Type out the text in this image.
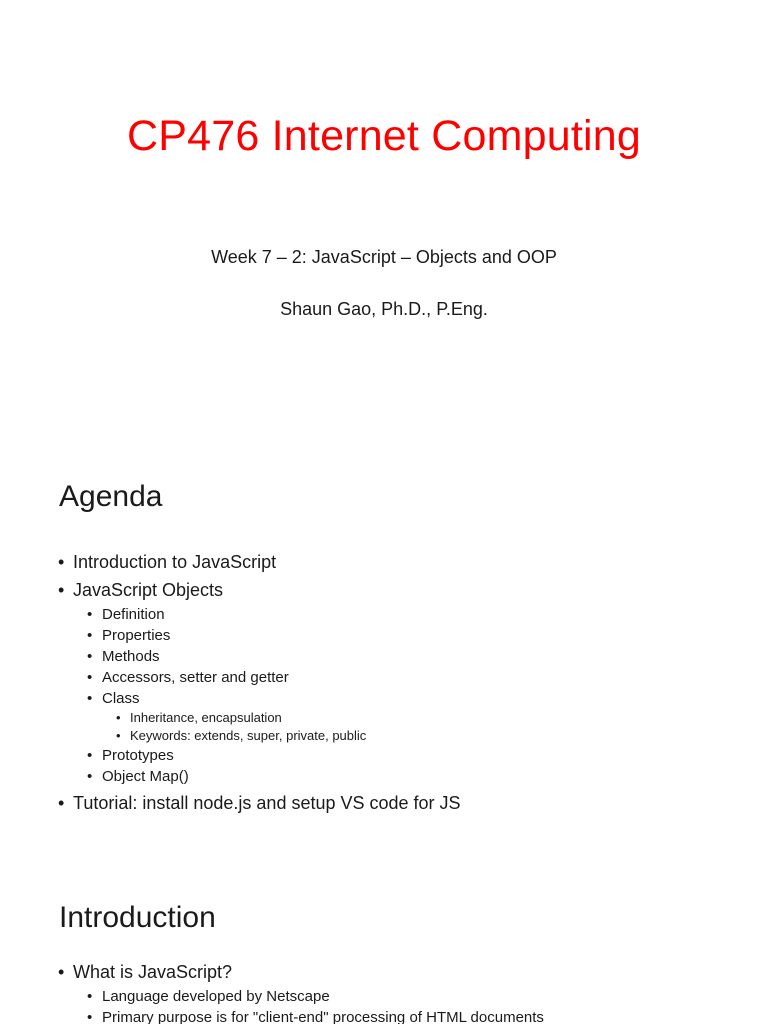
CP476 Internet Computing
Week 7 – 2: JavaScript – Objects and OOP
Shaun Gao, Ph.D., P.Eng.
Agenda
• Introduction to JavaScript
• JavaScript Objects
• Definition
• Properties
• Methods
• Accessors, setter and getter
• Class
• Inheritance, encapsulation
• Keywords: extends, super, private, public
• Prototypes
• Object Map()
• Tutorial: install node.js and setup VS code for JS
Introduction
• What is JavaScript?
• Language developed by Netscape
• Primary purpose is for "client-end" processing of HTML documents
